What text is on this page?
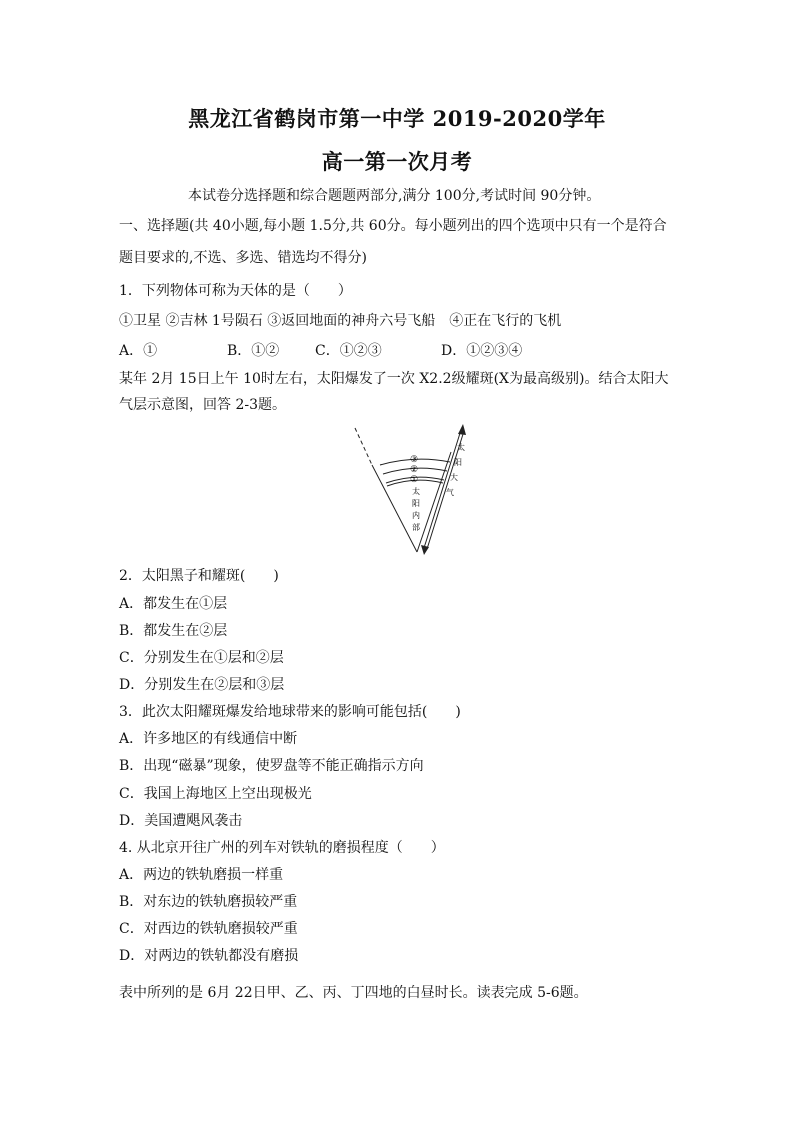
黑龙江省鹤岗市第一中学 2019-2020学年
高一第一次月考
本试卷分选择题和综合题题两部分,满分 100分,考试时间 90分钟。
一、选择题(共 40小题,每小题 1.5分,共 60分。每小题列出的四个选项中只有一个是符合
题目要求的,不选、多选、错选均不得分)
1．下列物体可称为天体的是（　　）
①卫星 ②吉林 1号陨石 ③返回地面的神舟六号飞船　④正在飞行的飞机
A．①	B．①②	C．①②③	D．①②③④
某年 2月 15日上午 10时左右，太阳爆发了一次 X2.2级耀斑(X为最高级别)。结合太阳大
气层示意图，回答 2-3题。
③
②
①
太
阳
内
部
太
阳
大
气
2．太阳黑子和耀斑(　　)
A．都发生在①层
B．都发生在②层
C．分别发生在①层和②层
D．分别发生在②层和③层
3．此次太阳耀斑爆发给地球带来的影响可能包括(　　)
A．许多地区的有线通信中断
B．出现“磁暴”现象，使罗盘等不能正确指示方向
C．我国上海地区上空出现极光
D．美国遭飓风袭击
4. 从北京开往广州的列车对铁轨的磨损程度（　　）
A．两边的铁轨磨损一样重
B．对东边的铁轨磨损较严重
C．对西边的铁轨磨损较严重
D．对两边的铁轨都没有磨损
表中所列的是 6月 22日甲、乙、丙、丁四地的白昼时长。读表完成 5-6题。
